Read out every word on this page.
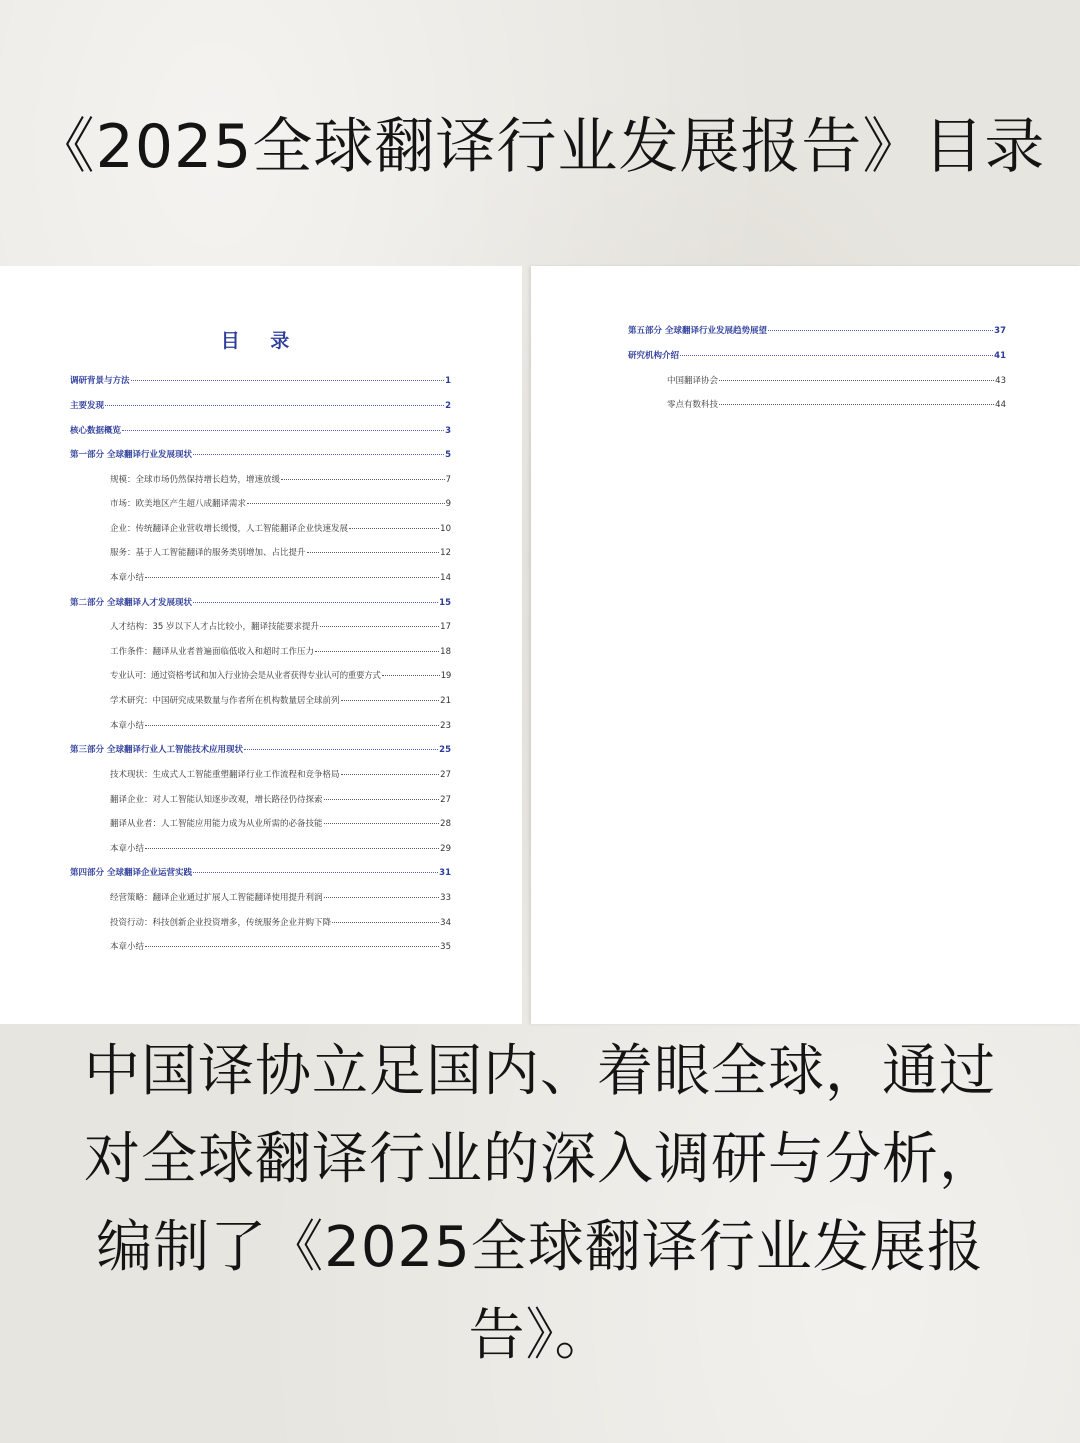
《2025全球翻译行业发展报告》目录
目 录
调研背景与方法	1
主要发现	2
核心数据概览	3
第一部分 全球翻译行业发展现状	5
规模：全球市场仍然保持增长趋势，增速放缓	7
市场：欧美地区产生超八成翻译需求	9
企业：传统翻译企业营收增长缓慢，人工智能翻译企业快速发展	10
服务：基于人工智能翻译的服务类别增加、占比提升	12
本章小结	14
第二部分 全球翻译人才发展现状	15
人才结构：35 岁以下人才占比较小，翻译技能要求提升	17
工作条件：翻译从业者普遍面临低收入和超时工作压力	18
专业认可：通过资格考试和加入行业协会是从业者获得专业认可的重要方式	19
学术研究：中国研究成果数量与作者所在机构数量居全球前列	21
本章小结	23
第三部分 全球翻译行业人工智能技术应用现状	25
技术现状：生成式人工智能重塑翻译行业工作流程和竞争格局	27
翻译企业：对人工智能认知逐步改观，增长路径仍待探索	27
翻译从业者：人工智能应用能力成为从业所需的必备技能	28
本章小结	29
第四部分 全球翻译企业运营实践	31
经营策略：翻译企业通过扩展人工智能翻译使用提升利润	33
投资行动：科技创新企业投资增多，传统服务企业并购下降	34
本章小结	35
第五部分 全球翻译行业发展趋势展望	37
研究机构介绍	41
中国翻译协会	43
零点有数科技	44
中国译协立足国内、着眼全球，通过
对全球翻译行业的深入调研与分析，
编制了《2025全球翻译行业发展报
告》。
